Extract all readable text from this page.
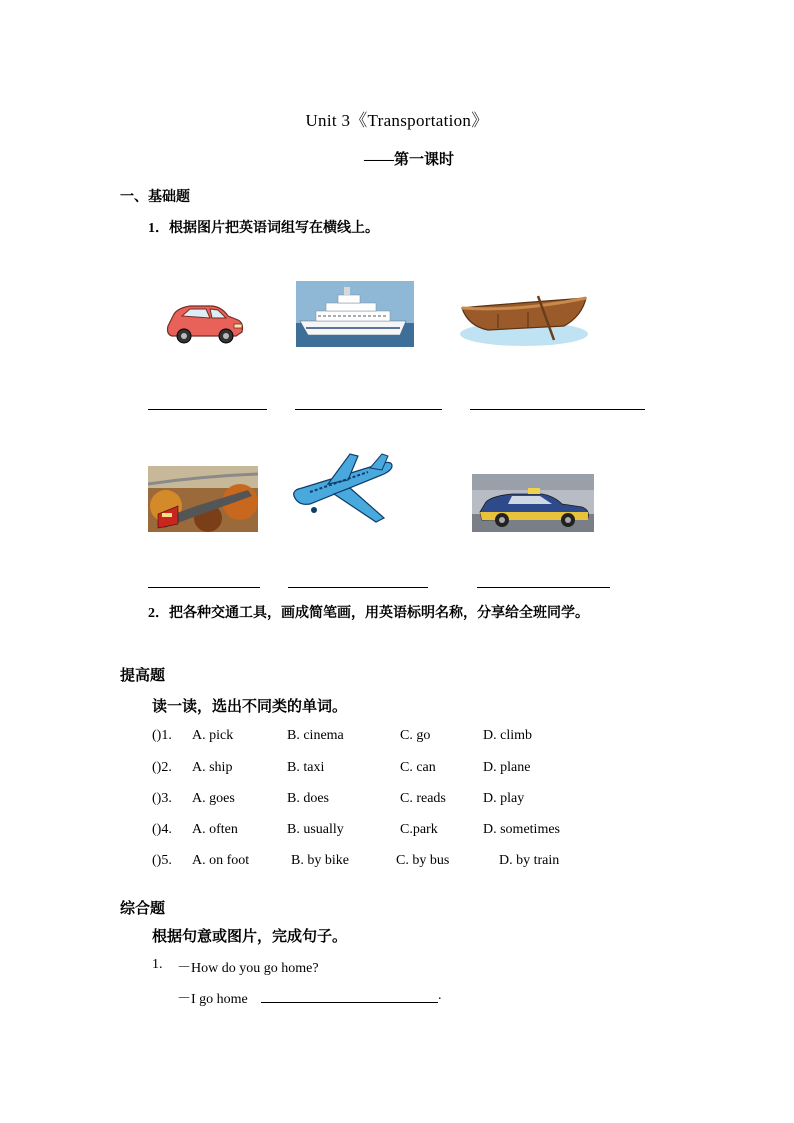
Unit 3《Transportation》
——第一课时
一、基础题
1．根据图片把英语词组写在横线上。
2．把各种交通工具，画成简笔画，用英语标明名称，分享给全班同学。
提高题
读一读，选出不同类的单词。
()1. A. pick	B. cinema	C. go	D. climb
()2. A. ship	B. taxi	C. can	D. plane
()3. A. goes	B. does	C. reads	D. play
()4. A. often	B. usually	C.park	D. sometimes
()5. A. on foot	B. by bike	C. by bus	D. by train
综合题
根据句意或图片，完成句子。
1. －How do you go home?
－I go home	.
